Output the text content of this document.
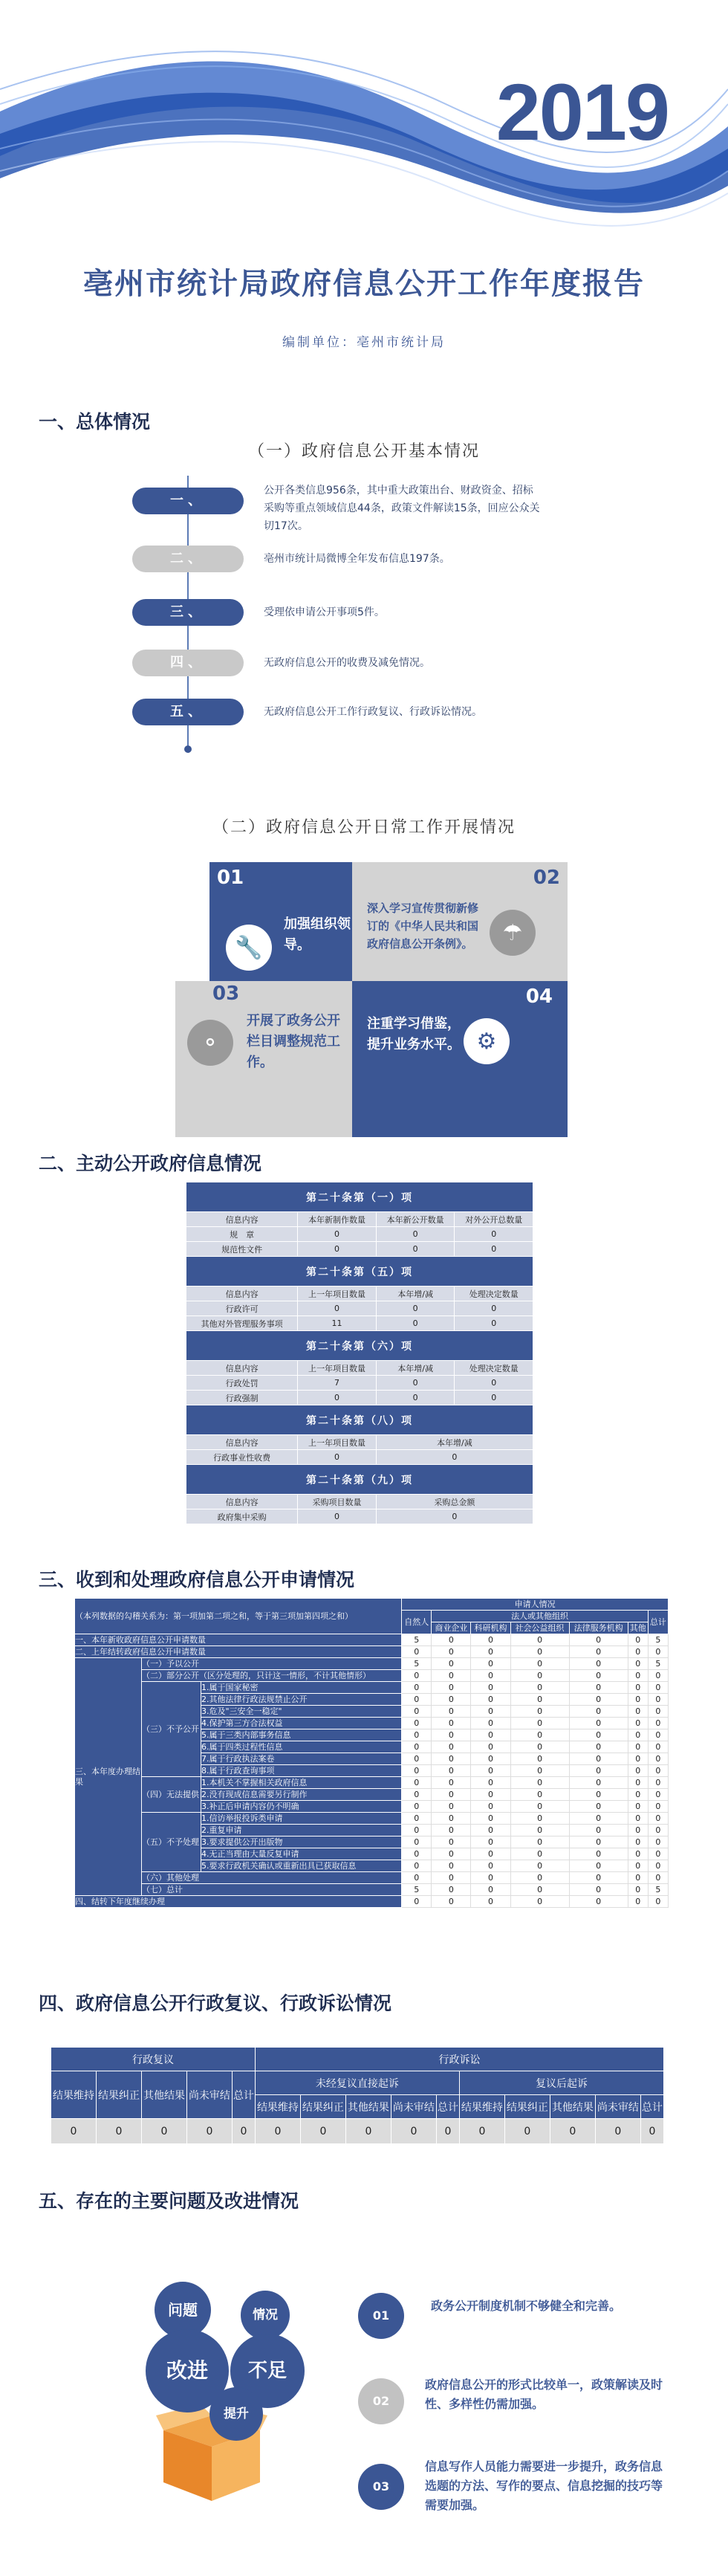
2019
亳州市统计局政府信息公开工作年度报告
编制单位：亳州市统计局
一、总体情况
（一）政府信息公开基本情况
一、
公开各类信息956条，其中重大政策出台、财政资金、招标采购等重点领域信息44条，政策文件解读15条，回应公众关切17次。
二、	亳州市统计局微博全年发布信息197条。
三、	受理依申请公开事项5件。
四、	无政府信息公开的收费及减免情况。
五、	无政府信息公开工作行政复议、行政诉讼情况。
（二）政府信息公开日常工作开展情况
01
🔧
加强组织领导。
02
深入学习宣传贯彻新修订的《中华人民共和国政府信息公开条例》。	☂
03
⚬
开展了政务公开栏目调整规范工作。
04
注重学习借鉴，提升业务水平。 ⚙
二、主动公开政府信息情况
第二十条第（一）项			
信息内容	本年新制作数量	本年新公开数量	对外公开总数量
规　章	0	0	0
规范性文件	0	0	0
第二十条第（五）项			
信息内容	上一年项目数量	本年增/减	处理决定数量
行政许可	0	0	0
其他对外管理服务事项	11	0	0
第二十条第（六）项			
信息内容	上一年项目数量	本年增/减	处理决定数量
行政处罚	7	0	0
行政强制	0	0	0
第二十条第（八）项			
信息内容	上一年项目数量	本年增/减	
行政事业性收费	0	0	
第二十条第（九）项			
信息内容	采购项目数量	采购总金额	
政府集中采购	0	0	
三、收到和处理政府信息公开申请情况
（本列数据的勾稽关系为：第一项加第二项之和，等于第三项加第四项之和）			申请人情况						
			自然人	法人或其他组织					总计
				商业企业	科研机构	社会公益组织	法律服务机构	其他	
一、本年新收政府信息公开申请数量			5	0	0	0	0	0	5
二、上年结转政府信息公开申请数量			0	0	0	0	0	0	0
三、本年度办理结果	（一）予以公开		5	0	0	0	0	0	5
	（二）部分公开（区分处理的，只计这一情形，不计其他情形）		0	0	0	0	0	0	0
	（三）不予公开	1.属于国家秘密	0	0	0	0	0	0	0
		2.其他法律行政法规禁止公开	0	0	0	0	0	0	0
		3.危及"三安全一稳定"	0	0	0	0	0	0	0
		4.保护第三方合法权益	0	0	0	0	0	0	0
		5.属于三类内部事务信息	0	0	0	0	0	0	0
		6.属于四类过程性信息	0	0	0	0	0	0	0
		7.属于行政执法案卷	0	0	0	0	0	0	0
		8.属于行政查询事项	0	0	0	0	0	0	0
	（四）无法提供	1.本机关不掌握相关政府信息	0	0	0	0	0	0	0
		2.没有现成信息需要另行制作	0	0	0	0	0	0	0
		3.补正后申请内容仍不明确	0	0	0	0	0	0	0
	（五）不予处理	1.信访举报投诉类申请	0	0	0	0	0	0	0
		2.重复申请	0	0	0	0	0	0	0
		3.要求提供公开出版物	0	0	0	0	0	0	0
		4.无正当理由大量反复申请	0	0	0	0	0	0	0
		5.要求行政机关确认或重新出具已获取信息	0	0	0	0	0	0	0
	（六）其他处理		0	0	0	0	0	0	0
	（七）总计		5	0	0	0	0	0	5
四、结转下年度继续办理			0	0	0	0	0	0	0
四、政府信息公开行政复议、行政诉讼情况
行政复议					行政诉讼									
结果维持	结果纠正	其他结果	尚未审结	总计	未经复议直接起诉					复议后起诉				
					结果维持	结果纠正	其他结果	尚未审结	总计	结果维持	结果纠正	其他结果	尚未审结	总计
0	0	0	0	0	0	0	0	0	0	0	0	0	0	0
五、存在的主要问题及改进情况
问题	情况
改进	不足
提升
01
政务公开制度机制不够健全和完善。
02
政府信息公开的形式比较单一，政策解读及时性、多样性仍需加强。
03
信息写作人员能力需要进一步提升，政务信息选题的方法、写作的要点、信息挖掘的技巧等需要加强。
